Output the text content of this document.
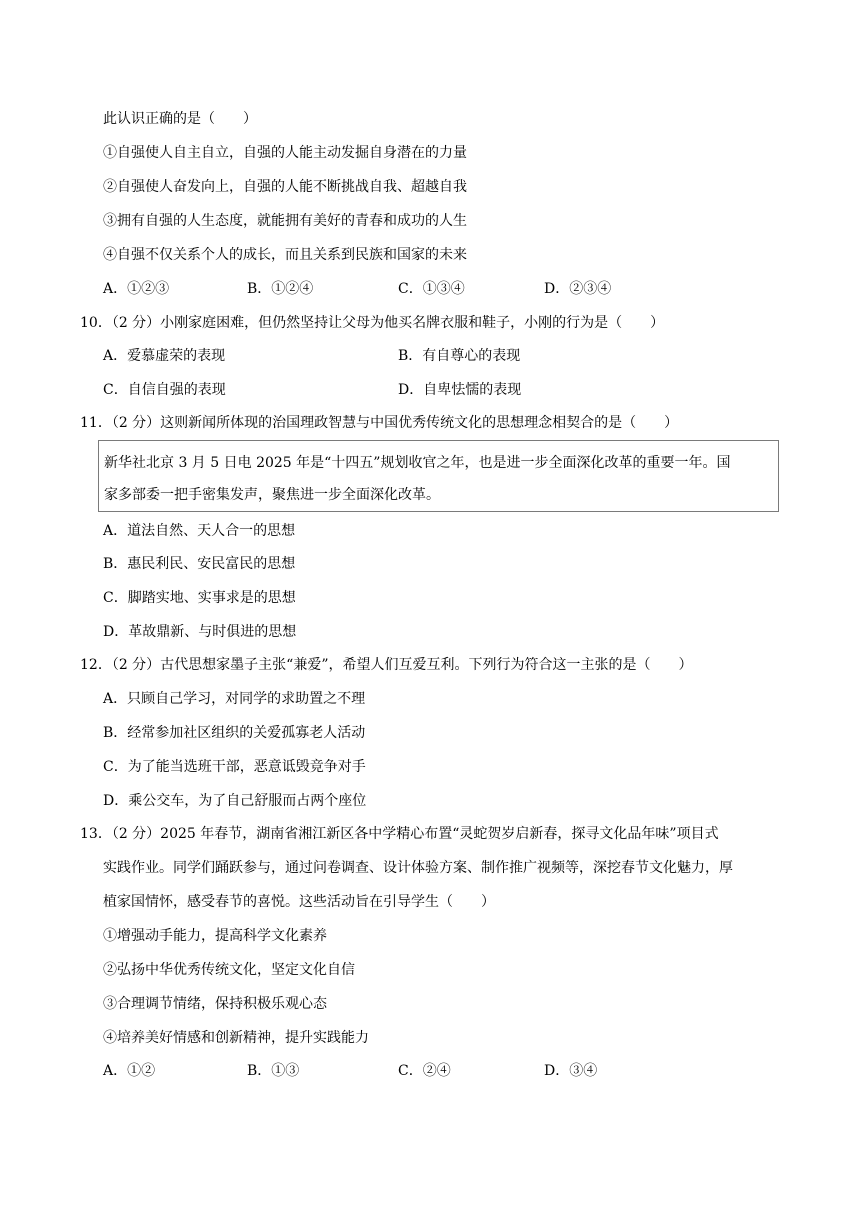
此认识正确的是（　　）
①自强使人自主自立，自强的人能主动发掘自身潜在的力量
②自强使人奋发向上，自强的人能不断挑战自我、超越自我
③拥有自强的人生态度，就能拥有美好的青春和成功的人生
④自强不仅关系个人的成长，而且关系到民族和国家的未来
A．①②③	B．①②④	C．①③④	D．②③④
10．（2 分）小刚家庭困难，但仍然坚持让父母为他买名牌衣服和鞋子，小刚的行为是（　　）
A．爱慕虚荣的表现	B．有自尊心的表现
C．自信自强的表现	D．自卑怯懦的表现
11．（2 分）这则新闻所体现的治国理政智慧与中国优秀传统文化的思想理念相契合的是（　　）
新华社北京 3 月 5 日电 2025 年是“十四五”规划收官之年，也是进一步全面深化改革的重要一年。国
家多部委一把手密集发声，聚焦进一步全面深化改革。
A．道法自然、天人合一的思想
B．惠民利民、安民富民的思想
C．脚踏实地、实事求是的思想
D．革故鼎新、与时俱进的思想
12．（2 分）古代思想家墨子主张“兼爱”，希望人们互爱互利。下列行为符合这一主张的是（　　）
A．只顾自己学习，对同学的求助置之不理
B．经常参加社区组织的关爱孤寡老人活动
C．为了能当选班干部，恶意诋毁竞争对手
D．乘公交车，为了自己舒服而占两个座位
13．（2 分）2025 年春节，湖南省湘江新区各中学精心布置“灵蛇贺岁启新春，探寻文化品年味”项目式
实践作业。同学们踊跃参与，通过问卷调查、设计体验方案、制作推广视频等，深挖春节文化魅力，厚
植家国情怀，感受春节的喜悦。这些活动旨在引导学生（　　）
①增强动手能力，提高科学文化素养
②弘扬中华优秀传统文化，坚定文化自信
③合理调节情绪，保持积极乐观心态
④培养美好情感和创新精神，提升实践能力
A．①②	B．①③	C．②④	D．③④
